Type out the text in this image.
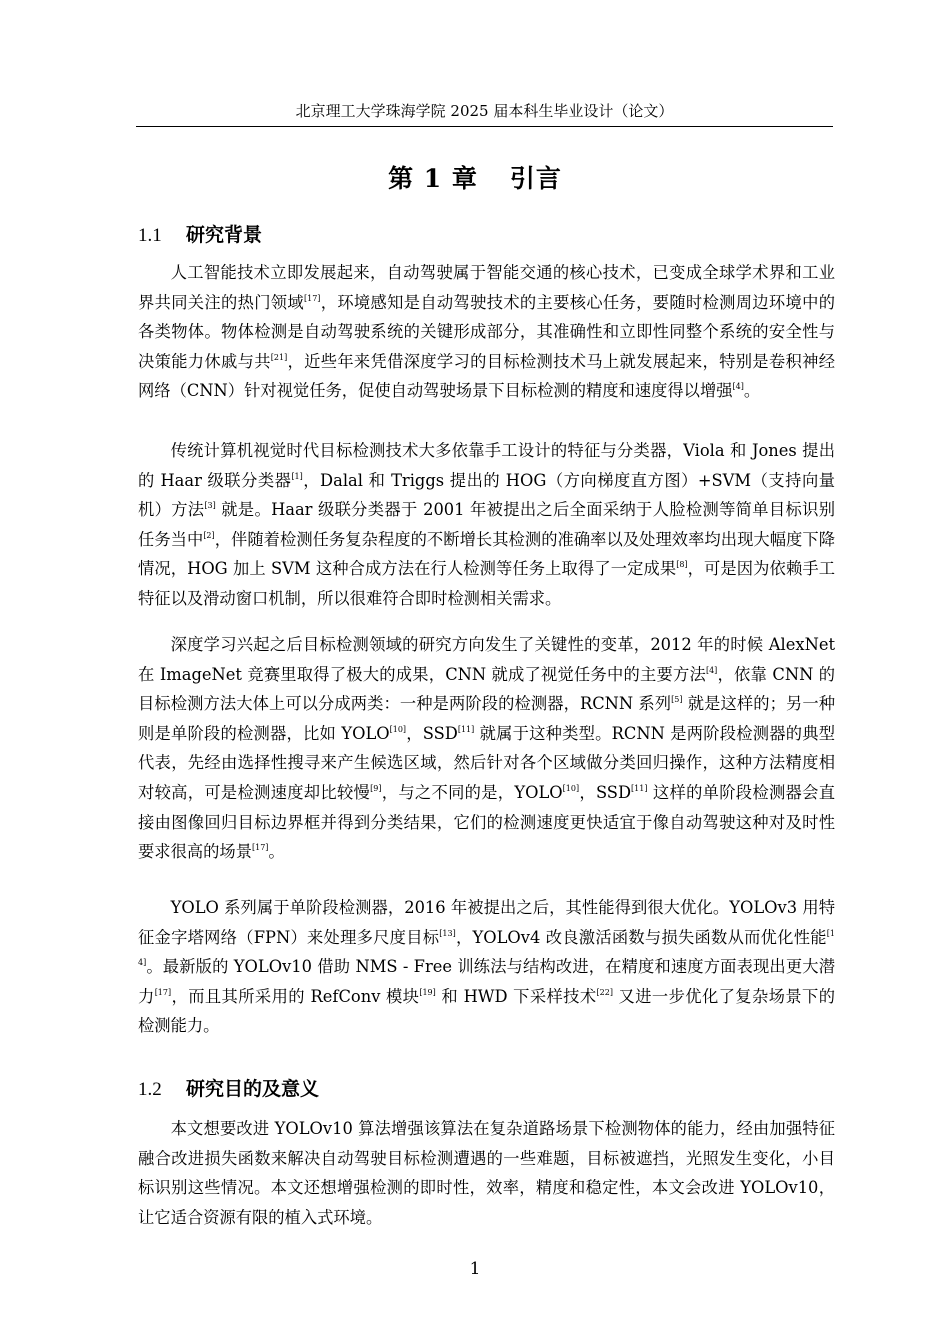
北京理工大学珠海学院 2025 届本科生毕业设计（论文）
第 1 章 引言
1.1 研究背景

人工智能技术立即发展起来，自动驾驶属于智能交通的核心技术，已变成全球学术界和工业界共同关注的热门领域[17]，环境感知是自动驾驶技术的主要核心任务，要随时检测周边环境中的各类物体。物体检测是自动驾驶系统的关键形成部分，其准确性和立即性同整个系统的安全性与决策能力休戚与共[21]，近些年来凭借深度学习的目标检测技术马上就发展起来，特别是卷积神经网络（CNN）针对视觉任务，促使自动驾驶场景下目标检测的精度和速度得以增强[4]。

传统计算机视觉时代目标检测技术大多依靠手工设计的特征与分类器，Viola 和 Jones 提出的 Haar 级联分类器[1]，Dalal 和 Triggs 提出的 HOG（方向梯度直方图）+SVM（支持向量机）方法[3] 就是。Haar 级联分类器于 2001 年被提出之后全面采纳于人脸检测等简单目标识别任务当中[2]，伴随着检测任务复杂程度的不断增长其检测的准确率以及处理效率均出现大幅度下降情况，HOG 加上 SVM 这种合成方法在行人检测等任务上取得了一定成果[8]，可是因为依赖手工特征以及滑动窗口机制，所以很难符合即时检测相关需求。

深度学习兴起之后目标检测领域的研究方向发生了关键性的变革，2012 年的时候 AlexNet 在 ImageNet 竞赛里取得了极大的成果，CNN 就成了视觉任务中的主要方法[4]，依靠 CNN 的目标检测方法大体上可以分成两类：一种是两阶段的检测器，RCNN 系列[5] 就是这样的；另一种则是单阶段的检测器，比如 YOLO[10]，SSD[11] 就属于这种类型。RCNN 是两阶段检测器的典型代表，先经由选择性搜寻来产生候选区域，然后针对各个区域做分类回归操作，这种方法精度相对较高，可是检测速度却比较慢[9]，与之不同的是，YOLO[10]，SSD[11] 这样的单阶段检测器会直接由图像回归目标边界框并得到分类结果，它们的检测速度更快适宜于像自动驾驶这种对及时性要求很高的场景[17]。

YOLO 系列属于单阶段检测器，2016 年被提出之后，其性能得到很大优化。YOLOv3 用特征金字塔网络（FPN）来处理多尺度目标[13]，YOLOv4 改良激活函数与损失函数从而优化性能[14]。最新版的 YOLOv10 借助 NMS - Free 训练法与结构改进，在精度和速度方面表现出更大潜力[17]，而且其所采用的 RefConv 模块[19] 和 HWD 下采样技术[22] 又进一步优化了复杂场景下的检测能力。

1.2 研究目的及意义

本文想要改进 YOLOv10 算法增强该算法在复杂道路场景下检测物体的能力，经由加强特征融合改进损失函数来解决自动驾驶目标检测遭遇的一些难题，目标被遮挡，光照发生变化，小目标识别这些情况。本文还想增强检测的即时性，效率，精度和稳定性，本文会改进 YOLOv10，让它适合资源有限的植入式环境。

1
